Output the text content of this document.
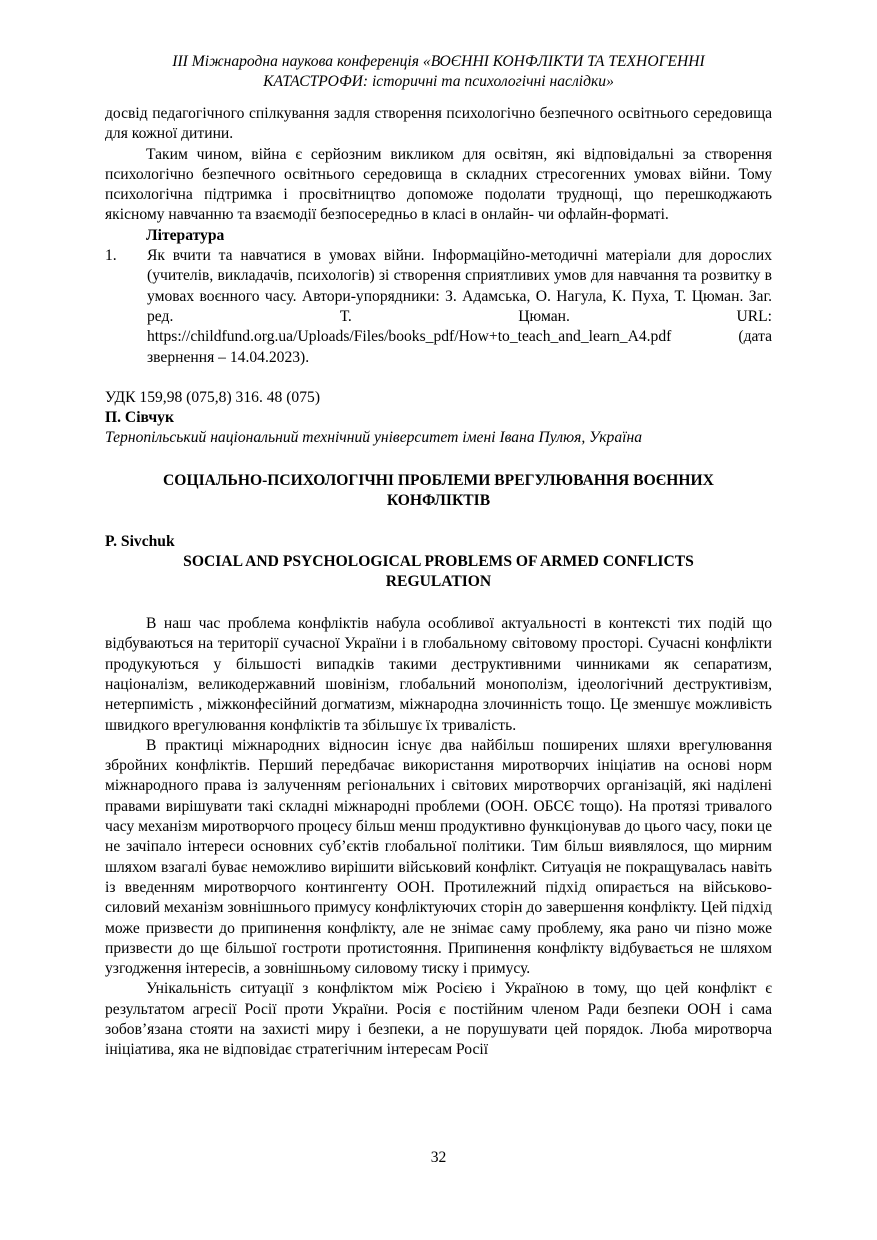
ІІІ Міжнародна наукова конференція «ВОЄННІ КОНФЛІКТИ ТА ТЕХНОГЕННІ
КАТАСТРОФИ: історичні та психологічні наслідки»

досвід педагогічного спілкування задля створення психологічно безпечного освітнього середовища для кожної дитини.

Таким чином, війна є серйозним викликом для освітян, які відповідальні за створення психологічно безпечного освітнього середовища в складних стресогенних умовах війни. Тому психологічна підтримка і просвітництво допоможе подолати труднощі, що перешкоджають якісному навчанню та взаємодії безпосередньо в класі в онлайн- чи офлайн-форматі.

Література

1.	Як вчити та навчатися в умовах війни. Інформаційно-методичні матеріали для дорослих (учителів, викладачів, психологів) зі створення сприятливих умов для навчання та розвитку в умовах воєнного часу. Автори-упорядники: З. Адамська, О. Нагула, К. Пуха, Т. Цюман. Заг. ред. Т. Цюман. URL: https://childfund.org.ua/Uploads/Files/books_pdf/How+to_teach_and_learn_A4.pdf (дата звернення – 14.04.2023).

УДК 159,98 (075,8) 316. 48 (075)

П. Сівчук

Тернопільський національний технічний університет імені Івана Пулюя, Україна

СОЦІАЛЬНО-ПСИХОЛОГІЧНІ ПРОБЛЕМИ ВРЕГУЛЮВАННЯ ВОЄННИХ
КОНФЛІКТІВ

P. Sivchuk

SOCIAL AND PSYCHOLOGICAL PROBLEMS OF ARMED CONFLICTS
REGULATION

В наш час проблема конфліктів набула особливої актуальності в контексті тих подій що відбуваються на території сучасної України і в глобальному світовому просторі. Сучасні конфлікти продукуються у більшості випадків такими деструктивними чинниками як сепаратизм, націоналізм, великодержавний шовінізм, глобальний монополізм, ідеологічний деструктивізм, нетерпимість , міжконфесійний догматизм, міжнародна злочинність тощо. Це зменшує можливість швидкого врегулювання конфліктів та збільшує їх тривалість.

В практиці міжнародних відносин існує два найбільш поширених шляхи врегулювання збройних конфліктів. Перший передбачає використання миротворчих ініціатив на основі норм міжнародного права із залученням регіональних і світових миротворчих організацій, які наділені правами вирішувати такі складні міжнародні проблеми (ООН. ОБСЄ тощо). На протязі тривалого часу механізм миротворчого процесу більш менш продуктивно функціонував до цього часу, поки це не зачіпало інтереси основних суб’єктів глобальної політики. Тим більш виявлялося, що мирним шляхом взагалі буває неможливо вирішити військовий конфлікт. Ситуація не покращувалась навіть із введенням миротворчого контингенту ООН. Протилежний підхід опирається на військово-силовий механізм зовнішнього примусу конфліктуючих сторін до завершення конфлікту. Цей підхід може призвести до припинення конфлікту, але не знімає саму проблему, яка рано чи пізно може призвести до ще більшої гостроти протистояння. Припинення конфлікту відбувається не шляхом узгодження інтересів, а зовнішньому силовому тиску і примусу.

Унікальність ситуації з конфліктом між Росією і Україною в тому, що цей конфлікт є результатом агресії Росії проти України. Росія є постійним членом Ради безпеки ООН і сама зобов’язана стояти на захисті миру і безпеки, а не порушувати цей порядок. Люба миротворча ініціатива, яка не відповідає стратегічним інтересам Росії

32
